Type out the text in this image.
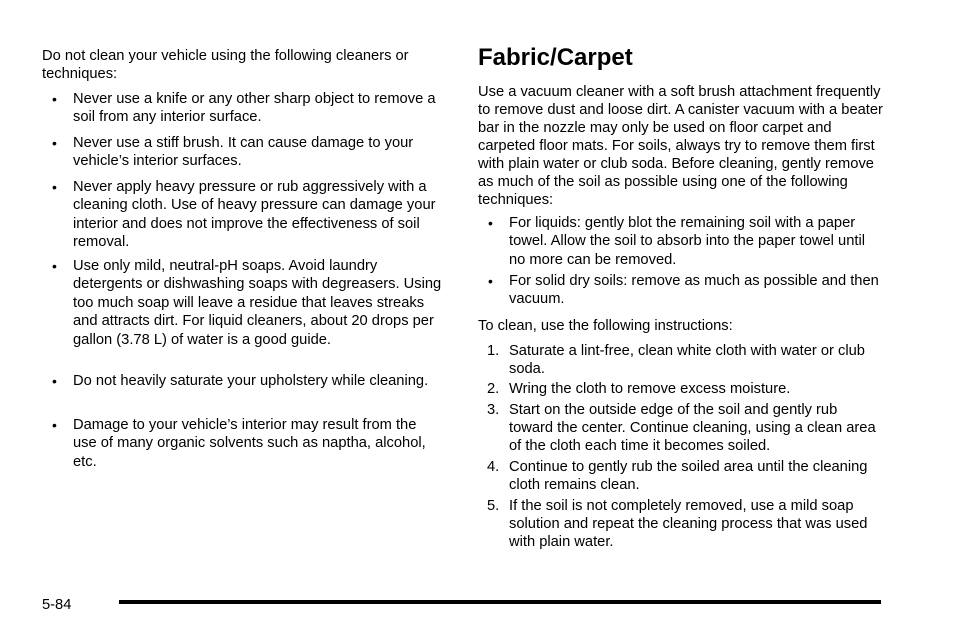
Do not clean your vehicle using the following cleaners or techniques:

• Never use a knife or any other sharp object to remove a soil from any interior surface.
• Never use a stiff brush. It can cause damage to your vehicle’s interior surfaces.
• Never apply heavy pressure or rub aggressively with a cleaning cloth. Use of heavy pressure can damage your interior and does not improve the effectiveness of soil removal.
• Use only mild, neutral-pH soaps. Avoid laundry detergents or dishwashing soaps with degreasers. Using too much soap will leave a residue that leaves streaks and attracts dirt. For liquid cleaners, about 20 drops per gallon (3.78 L) of water is a good guide.
• Do not heavily saturate your upholstery while cleaning.
• Damage to your vehicle’s interior may result from the use of many organic solvents such as naptha, alcohol, etc.
Fabric/Carpet

Use a vacuum cleaner with a soft brush attachment frequently to remove dust and loose dirt. A canister vacuum with a beater bar in the nozzle may only be used on floor carpet and carpeted floor mats. For soils, always try to remove them first with plain water or club soda. Before cleaning, gently remove as much of the soil as possible using one of the following techniques:

• For liquids: gently blot the remaining soil with a paper towel. Allow the soil to absorb into the paper towel until no more can be removed.
• For solid dry soils: remove as much as possible and then vacuum.

To clean, use the following instructions:

1. Saturate a lint-free, clean white cloth with water or club soda.
2. Wring the cloth to remove excess moisture.
3. Start on the outside edge of the soil and gently rub toward the center. Continue cleaning, using a clean area of the cloth each time it becomes soiled.
4. Continue to gently rub the soiled area until the cleaning cloth remains clean.
5. If the soil is not completely removed, use a mild soap solution and repeat the cleaning process that was used with plain water.
5-84
